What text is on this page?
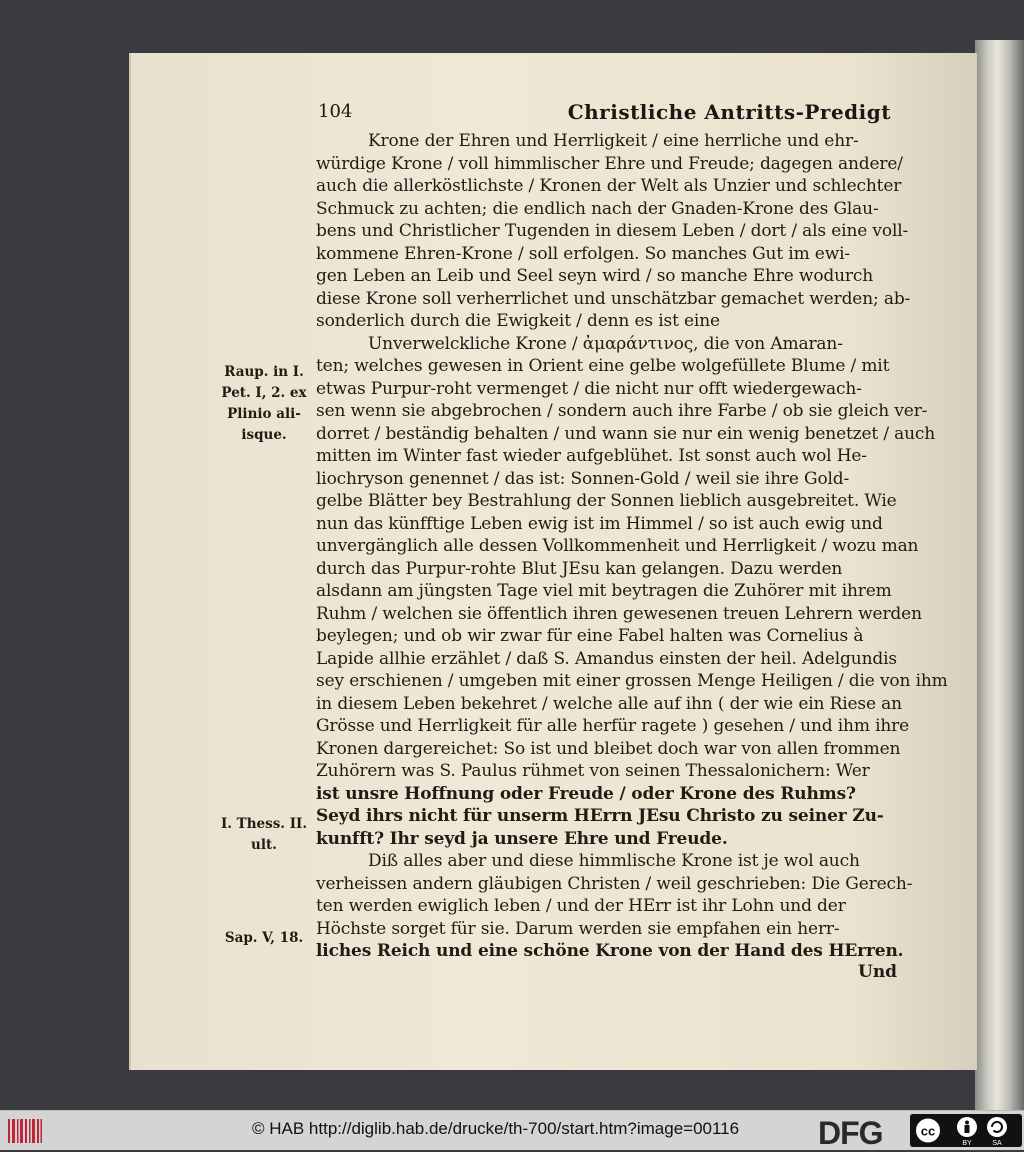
104	Christliche Antritts-Predigt
Krone der Ehren und Herrligkeit / eine herrliche und ehr-
würdige Krone / voll himmlischer Ehre und Freude; dagegen andere/
auch die allerköstlichste / Kronen der Welt als Unzier und schlechter
Schmuck zu achten; die endlich nach der Gnaden-Krone des Glau-
bens und Christlicher Tugenden in diesem Leben / dort / als eine voll-
kommene Ehren-Krone / soll erfolgen. So manches Gut im ewi-
gen Leben an Leib und Seel seyn wird / so manche Ehre wodurch
diese Krone soll verherrlichet und unschätzbar gemachet werden; ab-
sonderlich durch die Ewigkeit / denn es ist eine
Unverwelckliche Krone / ἀμαράντινος, die von Amaran-
ten; welches gewesen in Orient eine gelbe wolgefüllete Blume / mit
etwas Purpur-roht vermenget / die nicht nur offt wiedergewach-
sen wenn sie abgebrochen / sondern auch ihre Farbe / ob sie gleich ver-
dorret / beständig behalten / und wann sie nur ein wenig benetzet / auch
mitten im Winter fast wieder aufgeblühet. Ist sonst auch wol He-
liochryson genennet / das ist: Sonnen-Gold / weil sie ihre Gold-
gelbe Blätter bey Bestrahlung der Sonnen lieblich ausgebreitet. Wie
nun das künfftige Leben ewig ist im Himmel / so ist auch ewig und
unvergänglich alle dessen Vollkommenheit und Herrligkeit / wozu man
durch das Purpur-rohte Blut JEsu kan gelangen. Dazu werden
alsdann am jüngsten Tage viel mit beytragen die Zuhörer mit ihrem
Ruhm / welchen sie öffentlich ihren gewesenen treuen Lehrern werden
beylegen; und ob wir zwar für eine Fabel halten was Cornelius à
Lapide allhie erzählet / daß S. Amandus einsten der heil. Adelgundis
sey erschienen / umgeben mit einer grossen Menge Heiligen / die von ihm
in diesem Leben bekehret / welche alle auf ihn ( der wie ein Riese an
Grösse und Herrligkeit für alle herfür ragete ) gesehen / und ihm ihre
Kronen dargereichet: So ist und bleibet doch war von allen frommen
Zuhörern was S. Paulus rühmet von seinen Thessalonichern: Wer
ist unsre Hoffnung oder Freude / oder Krone des Ruhms?
Seyd ihrs nicht für unserm HErrn JEsu Christo zu seiner Zu-
kunfft? Ihr seyd ja unsere Ehre und Freude.
Diß alles aber und diese himmlische Krone ist je wol auch
verheissen andern gläubigen Christen / weil geschrieben: Die Gerech-
ten werden ewiglich leben / und der HErr ist ihr Lohn und der
Höchste sorget für sie. Darum werden sie empfahen ein herr-
liches Reich und eine schöne Krone von der Hand des HErren.
Und
Raup. in I.
Pet. I, 2. ex
Plinio ali-
isque.
I. Thess. II.
ult.
Sap. V, 18.
© HAB http://diglib.hab.de/drucke/th-700/start.htm?image=00116 DFG	cc
BY	SA
